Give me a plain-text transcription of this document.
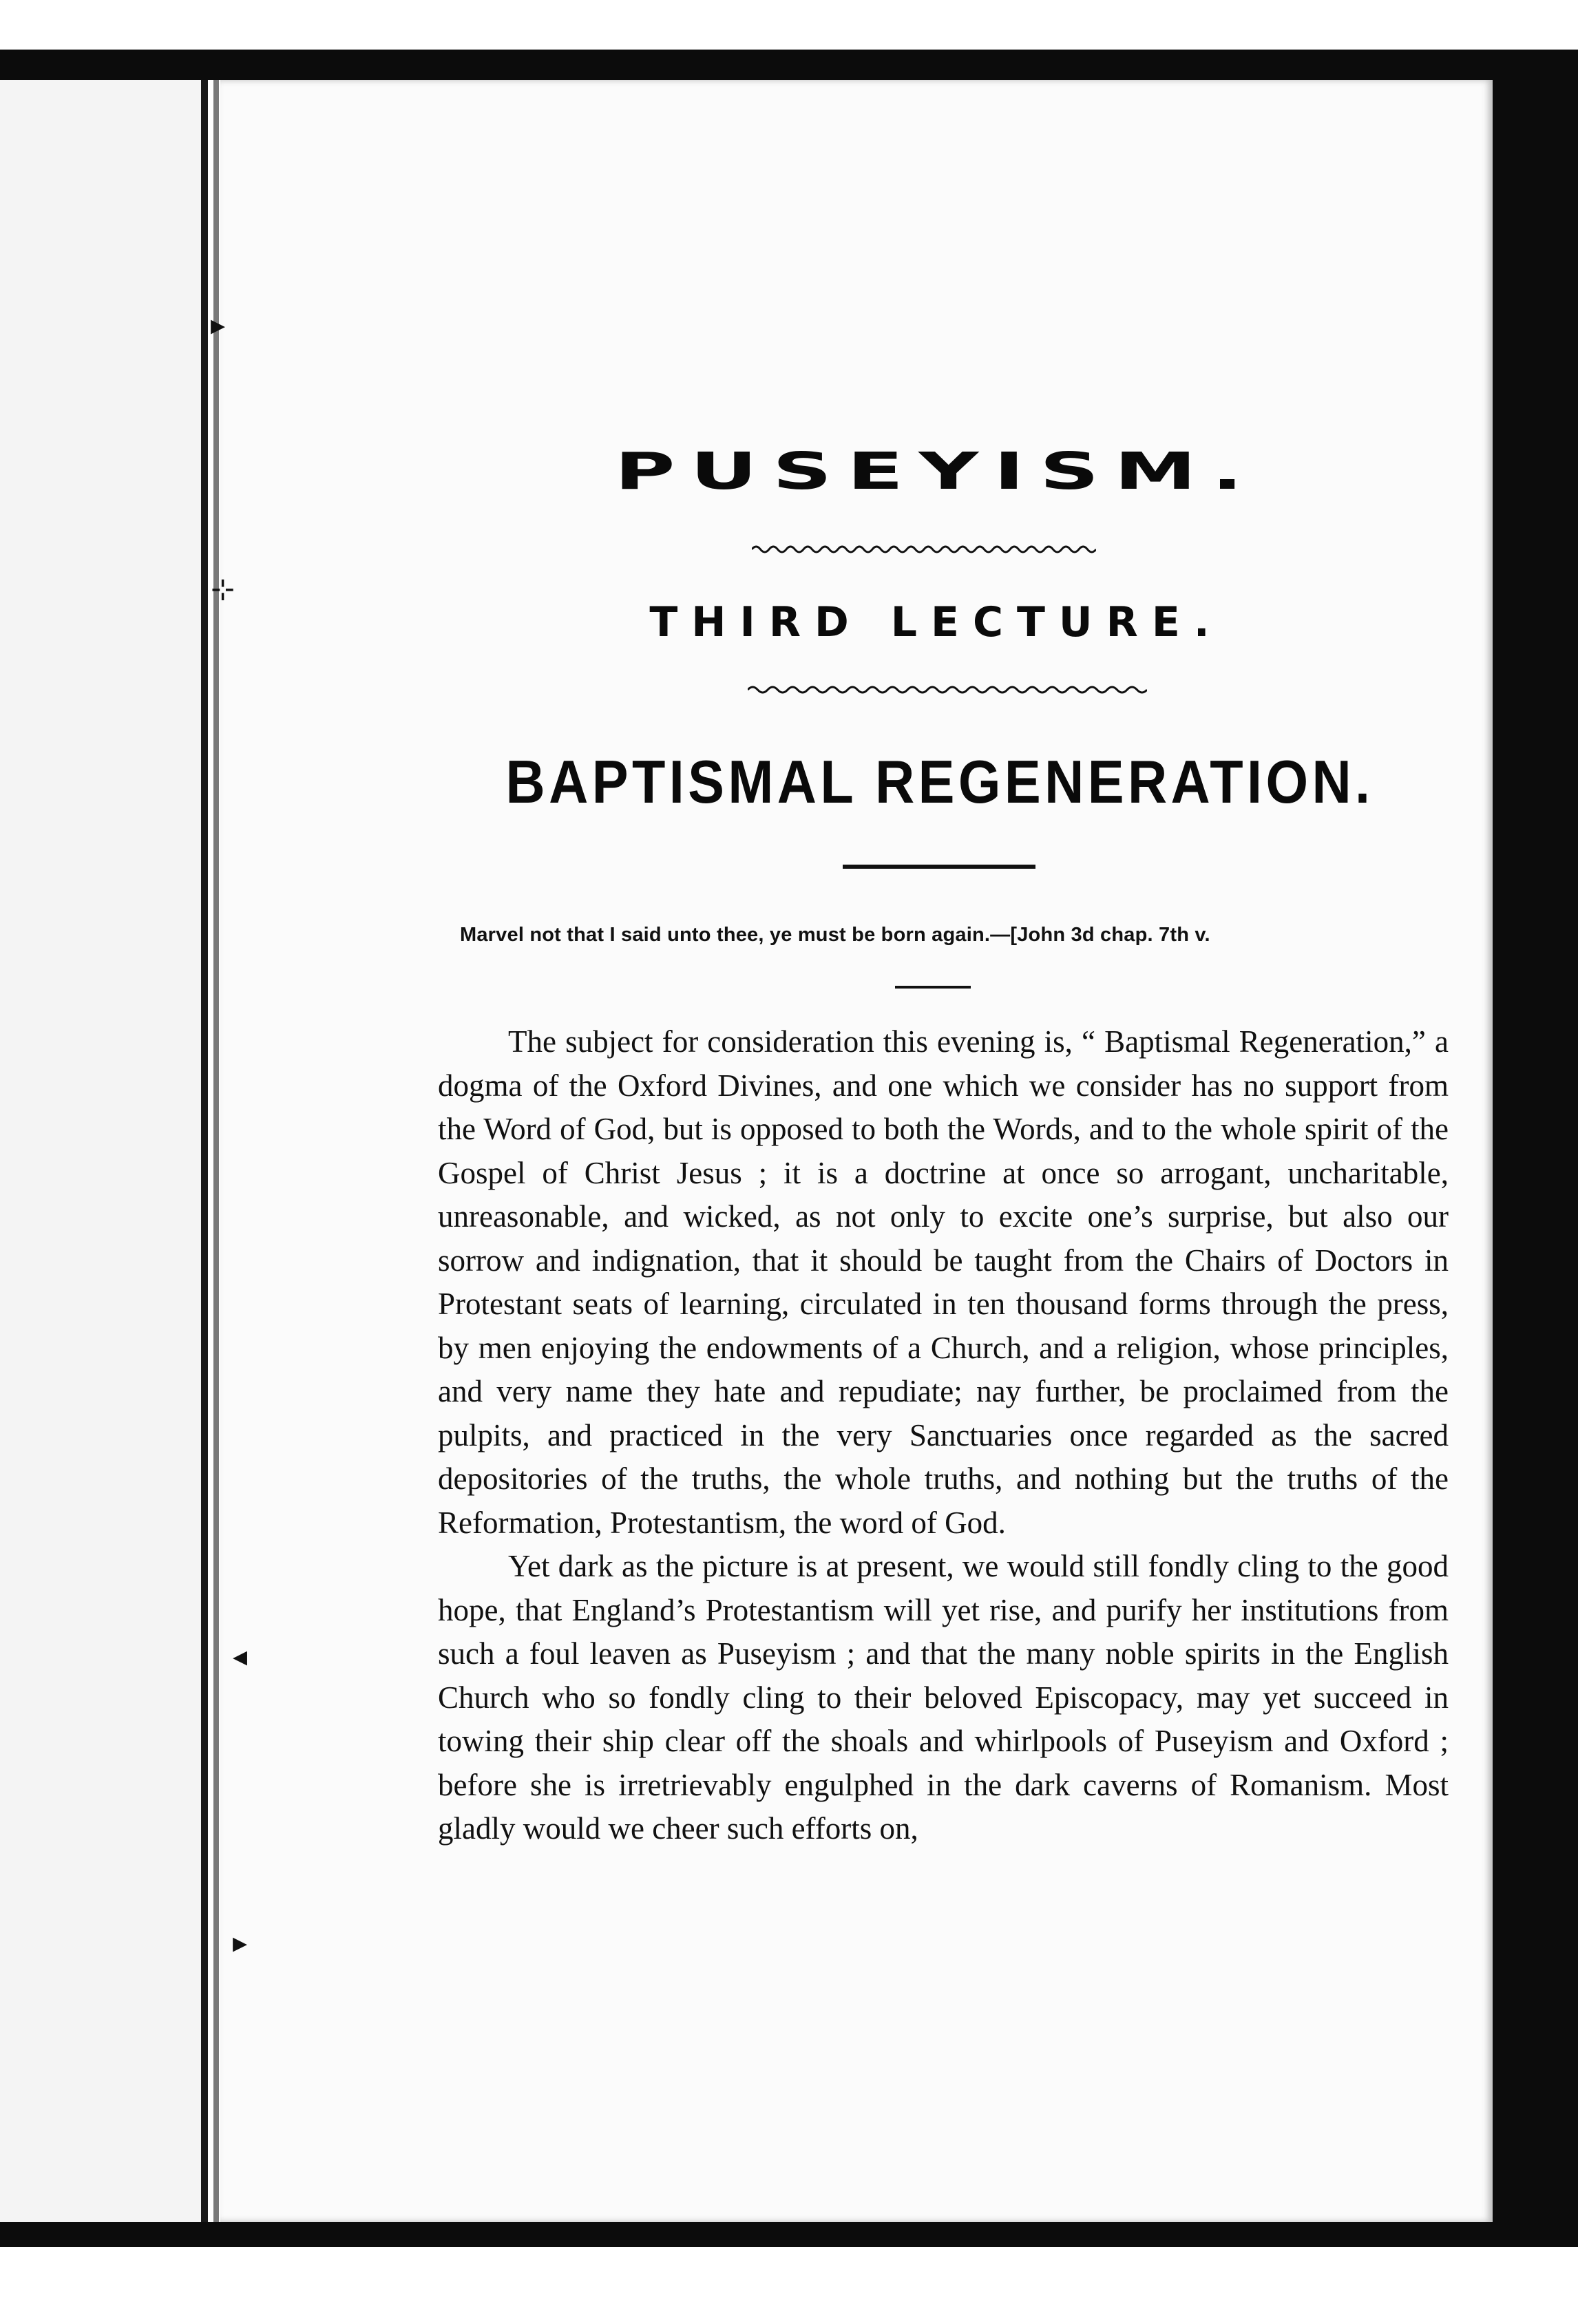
▸
⊹
◂
▸
PUSEYISM.
THIRD LECTURE.
BAPTISMAL REGENERATION.
Marvel not that I said unto thee, ye must be born again.—[John 3d chap. 7th v.

The subject for consideration this evening is, “ Baptismal Regeneration,” a dogma of the Oxford Divines, and one which we consider has no support from the Word of God, but is opposed to both the Words, and to the whole spirit of the Gospel of Christ Jesus ; it is a doctrine at once so arrogant, uncharitable, unreasonable, and wicked, as not only to excite one’s surprise, but also our sorrow and indignation, that it should be taught from the Chairs of Doctors in Protestant seats of learning, circulated in ten thousand forms through the press, by men enjoying the endowments of a Church, and a religion, whose principles, and very name they hate and repudiate; nay further, be proclaimed from the pulpits, and practiced in the very Sanctuaries once regarded as the sacred depositories of the truths, the whole truths, and nothing but the truths of the Reformation, Protestantism, the word of God.

Yet dark as the picture is at present, we would still fondly cling to the good hope, that England’s Protestantism will yet rise, and purify her institutions from such a foul leaven as Puseyism ; and that the many noble spirits in the English Church who so fondly cling to their beloved Episcopacy, may yet succeed in towing their ship clear off the shoals and whirlpools of Puseyism and Oxford ; before she is irretrievably engulphed in the dark caverns of Romanism. Most gladly would we cheer such efforts on,
